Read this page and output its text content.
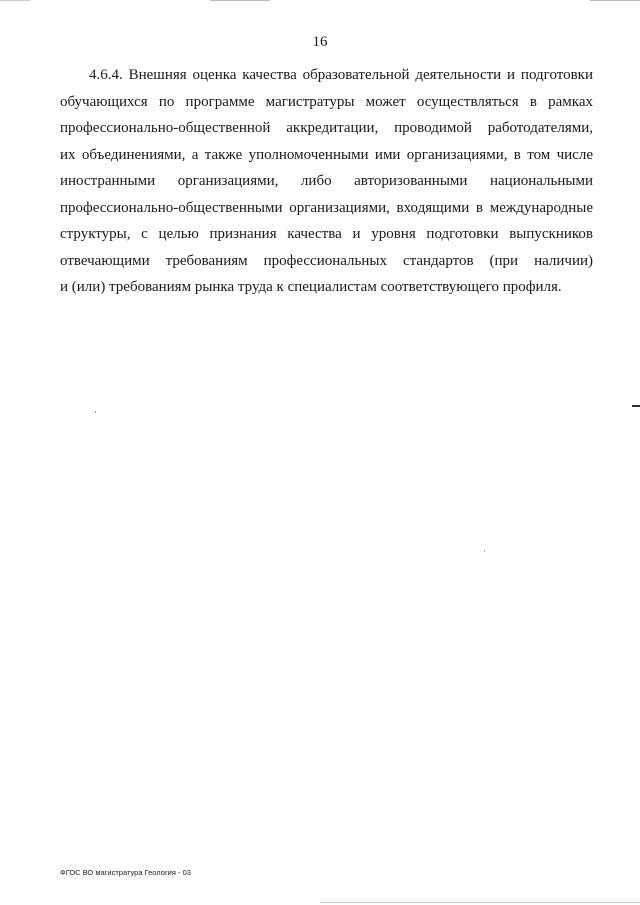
16
4.6.4. Внешняя оценка качества образовательной деятельности и подготовки
обучающихся по программе магистратуры может осуществляться в рамках
профессионально-общественной аккредитации, проводимой работодателями,
их объединениями, а также уполномоченными ими организациями, в том числе
иностранными организациями, либо авторизованными национальными
профессионально-общественными организациями, входящими в международные
структуры, с целью признания качества и уровня подготовки выпускников
отвечающими требованиям профессиональных стандартов (при наличии)
и (или) требованиям рынка труда к специалистам соответствующего профиля.
ФГОС ВО магистратура Геология - 03
